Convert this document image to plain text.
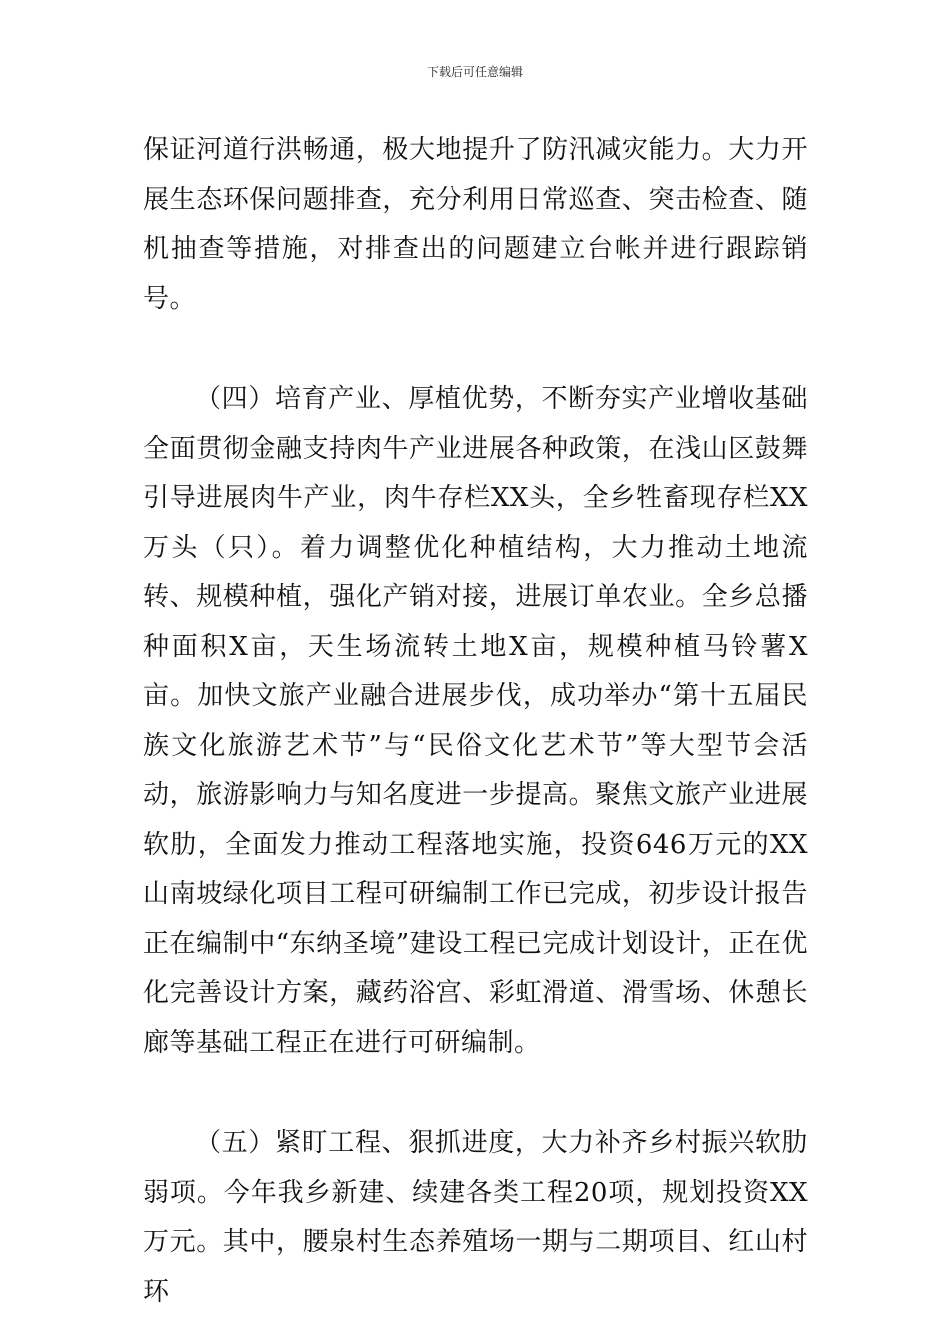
下载后可任意编辑

保证河道行洪畅通，极大地提升了防汛减灾能力。大力开展生态环保问题排查，充分利用日常巡查、突击检查、随机抽查等措施，对排查出的问题建立台帐并进行跟踪销号。

（四）培育产业、厚植优势，不断夯实产业增收基础全面贯彻金融支持肉牛产业进展各种政策，在浅山区鼓舞引导进展肉牛产业，肉牛存栏XX头，全乡牲畜现存栏XX万头（只）。着力调整优化种植结构，大力推动土地流转、规模种植，强化产销对接，进展订单农业。全乡总播种面积X亩，天生场流转土地X亩，规模种植马铃薯X亩。加快文旅产业融合进展步伐，成功举办“第十五届民族文化旅游艺术节”与“民俗文化艺术节”等大型节会活动，旅游影响力与知名度进一步提高。聚焦文旅产业进展软肋，全面发力推动工程落地实施，投资646万元的XX山南坡绿化项目工程可研编制工作已完成，初步设计报告正在编制中“东纳圣境”建设工程已完成计划设计，正在优化完善设计方案，藏药浴宫、彩虹滑道、滑雪场、休憩长廊等基础工程正在进行可研编制。

（五）紧盯工程、狠抓进度，大力补齐乡村振兴软肋弱项。今年我乡新建、续建各类工程20项，规划投资XX万元。其中，腰泉村生态养殖场一期与二期项目、红山村环
